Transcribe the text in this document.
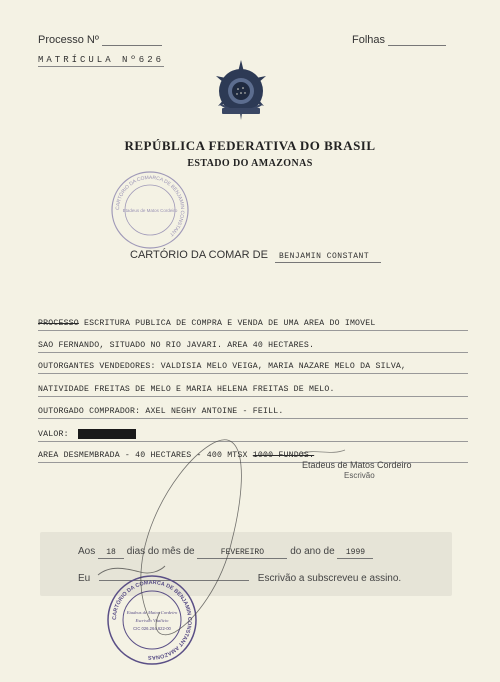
Processo Nº	Folhas
MATRÍCULA Nº626
REPÚBLICA FEDERATIVA DO BRASIL
ESTADO DO AMAZONAS
CARTÓRIO DA COMARCA DE BENJAMIN CONSTANT
Etadeus de Matos Cordeiro
CARTÓRIO DA COMAR DE BENJAMIN CONSTANT
PROCESSO ESCRITURA PÚBLICA DE COMPRA E VENDA DE UMA ÁREA DO IMÓVEL
SÃO FERNANDO, SITUADO NO RIO JAVARÍ. ÁREA 40 HECTARES.
OUTORGANTES VENDEDORES: VALDISIA MELO VEIGA, MARIA NAZARÉ MELO DA SILVA,
NATIVIDADE FREITAS DE MELO E MARIA HELENA FREITAS DE MELO.
OUTORGADO COMPRADOR: AXEL NEGHY ANTOINE - FEILL.
VALOR:
ÁREA DESMEMBRADA - 40 HECTARES - 400 MTSX 1000 FUNDOS.
Etadeus de Matos Cordeiro
Escrivão
Aos 18 dias do mês de	FEVEREIRO	do ano de 1999
Eu	Escrivão a subscreveu e assino.
CARTÓRIO DA COMARCA DE BENJAMIN CONSTANT AMAZONAS
Etadeus de Matos Cordeiro
Escrivão Vitalício
CIC 026.264.622-00
